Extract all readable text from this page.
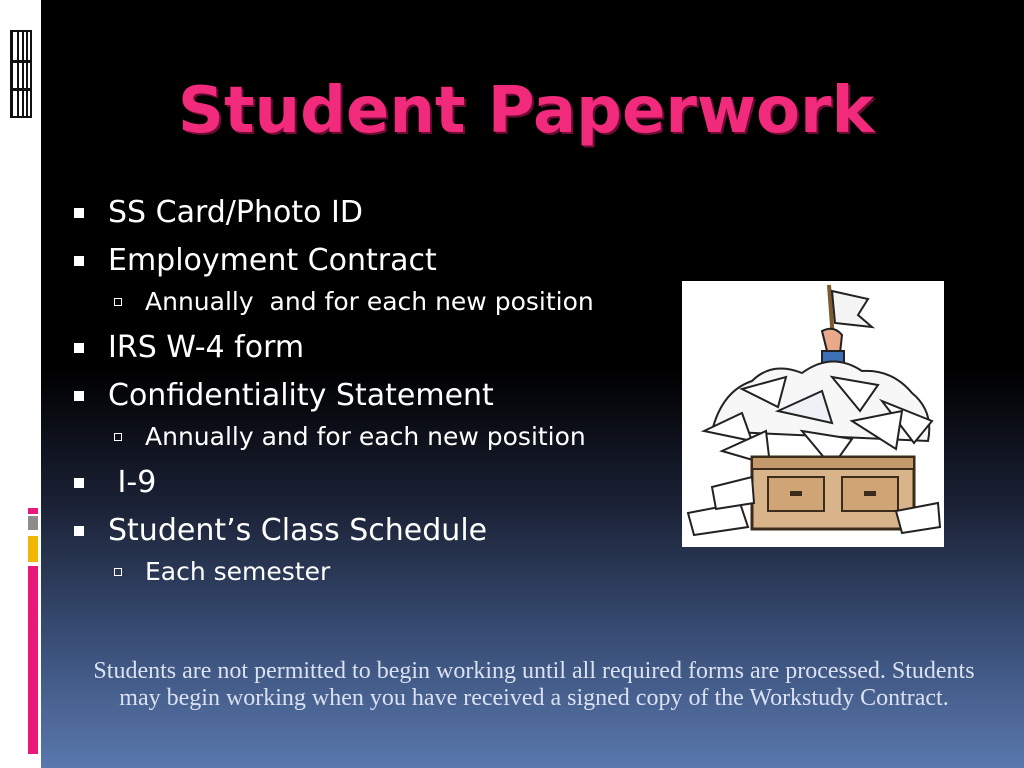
Student Paperwork
SS Card/Photo ID
Employment Contract
Annually  and for each new position
IRS W-4 form
Confidentiality Statement
Annually and for each new position
I-9
Student’s Class Schedule
Each semester
Students are not permitted to begin working until all required forms are processed. Students may begin working when you have received a signed copy of the Workstudy Contract.
